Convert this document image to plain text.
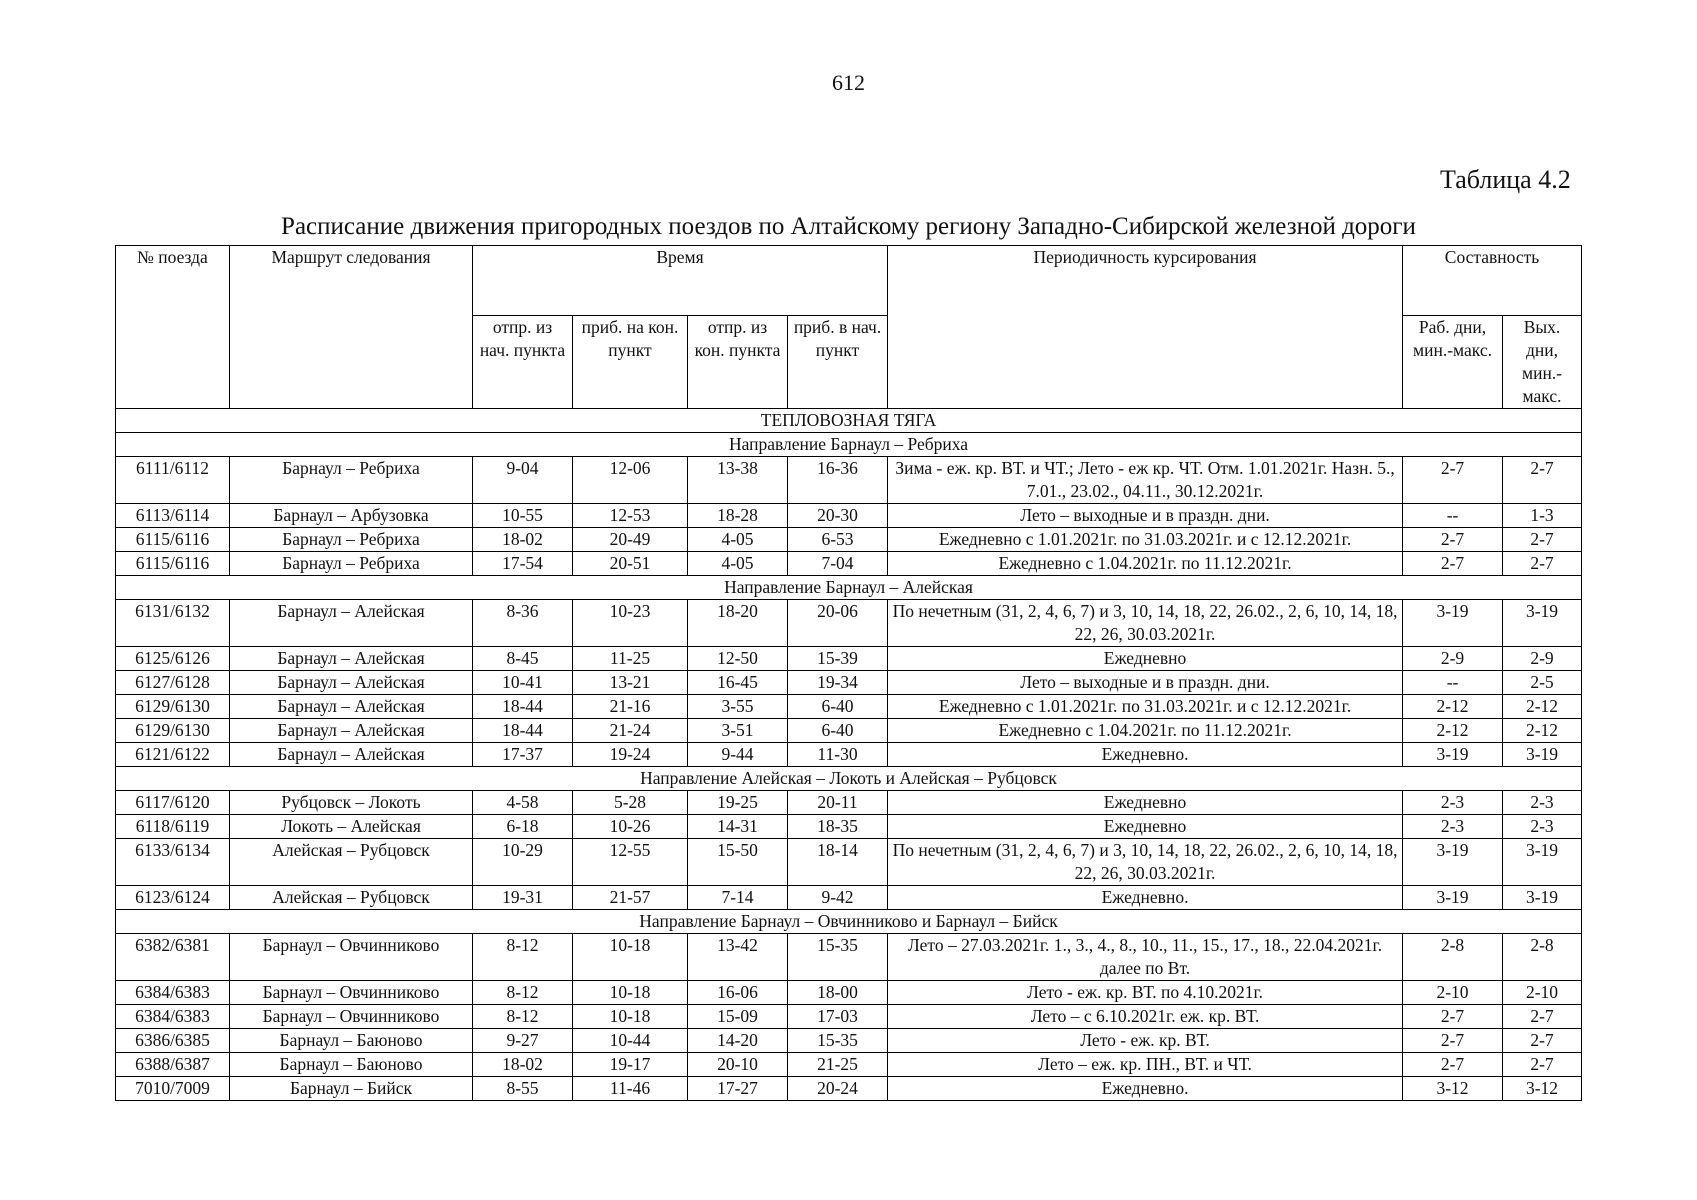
612
Таблица 4.2
Расписание движения пригородных поездов по Алтайскому региону Западно-Сибирской железной дороги
№ поезда	Маршрут следования	Время				Периодичность курсирования	Составность	
		отпр. из нач. пункта	приб. на кон. пункт	отпр. из кон. пункта	приб. в нач. пункт			
							Раб. дни, мин.-макс.	Вых. дни, мин.-макс.
ТЕПЛОВОЗНАЯ ТЯГА								
Направление Барнаул – Ребриха								
6111/6112	Барнаул – Ребриха	9-04	12-06	13-38	16-36	Зима - еж. кр. ВТ. и ЧТ.; Лето - еж кр. ЧТ. Отм. 1.01.2021г. Назн. 5., 7.01., 23.02., 04.11., 30.12.2021г.	2-7	2-7
6113/6114	Барнаул – Арбузовка	10-55	12-53	18-28	20-30	Лето – выходные и в праздн. дни.	--	1-3
6115/6116	Барнаул – Ребриха	18-02	20-49	4-05	6-53	Ежедневно с 1.01.2021г. по 31.03.2021г. и с 12.12.2021г.	2-7	2-7
6115/6116	Барнаул – Ребриха	17-54	20-51	4-05	7-04	Ежедневно с 1.04.2021г. по 11.12.2021г.	2-7	2-7
Направление Барнаул – Алейская								
6131/6132	Барнаул – Алейская	8-36	10-23	18-20	20-06	По нечетным (31, 2, 4, 6, 7) и 3, 10, 14, 18, 22, 26.02., 2, 6, 10, 14, 18, 22, 26, 30.03.2021г.	3-19	3-19
6125/6126	Барнаул – Алейская	8-45	11-25	12-50	15-39	Ежедневно	2-9	2-9
6127/6128	Барнаул – Алейская	10-41	13-21	16-45	19-34	Лето – выходные и в праздн. дни.	--	2-5
6129/6130	Барнаул – Алейская	18-44	21-16	3-55	6-40	Ежедневно с 1.01.2021г. по 31.03.2021г. и с 12.12.2021г.	2-12	2-12
6129/6130	Барнаул – Алейская	18-44	21-24	3-51	6-40	Ежедневно с 1.04.2021г. по 11.12.2021г.	2-12	2-12
6121/6122	Барнаул – Алейская	17-37	19-24	9-44	11-30	Ежедневно.	3-19	3-19
Направление Алейская – Локоть и Алейская – Рубцовск								
6117/6120	Рубцовск – Локоть	4-58	5-28	19-25	20-11	Ежедневно	2-3	2-3
6118/6119	Локоть – Алейская	6-18	10-26	14-31	18-35	Ежедневно	2-3	2-3
6133/6134	Алейская – Рубцовск	10-29	12-55	15-50	18-14	По нечетным (31, 2, 4, 6, 7) и 3, 10, 14, 18, 22, 26.02., 2, 6, 10, 14, 18, 22, 26, 30.03.2021г.	3-19	3-19
6123/6124	Алейская – Рубцовск	19-31	21-57	7-14	9-42	Ежедневно.	3-19	3-19
Направление Барнаул – Овчинниково и Барнаул – Бийск								
6382/6381	Барнаул – Овчинниково	8-12	10-18	13-42	15-35	Лето – 27.03.2021г. 1., 3., 4., 8., 10., 11., 15., 17., 18., 22.04.2021г. далее по Вт.	2-8	2-8
6384/6383	Барнаул – Овчинниково	8-12	10-18	16-06	18-00	Лето - еж. кр. ВТ. по 4.10.2021г.	2-10	2-10
6384/6383	Барнаул – Овчинниково	8-12	10-18	15-09	17-03	Лето – с 6.10.2021г. еж. кр. ВТ.	2-7	2-7
6386/6385	Барнаул – Баюново	9-27	10-44	14-20	15-35	Лето - еж. кр. ВТ.	2-7	2-7
6388/6387	Барнаул – Баюново	18-02	19-17	20-10	21-25	Лето – еж. кр. ПН., ВТ. и ЧТ.	2-7	2-7
7010/7009	Барнаул – Бийск	8-55	11-46	17-27	20-24	Ежедневно.	3-12	3-12
